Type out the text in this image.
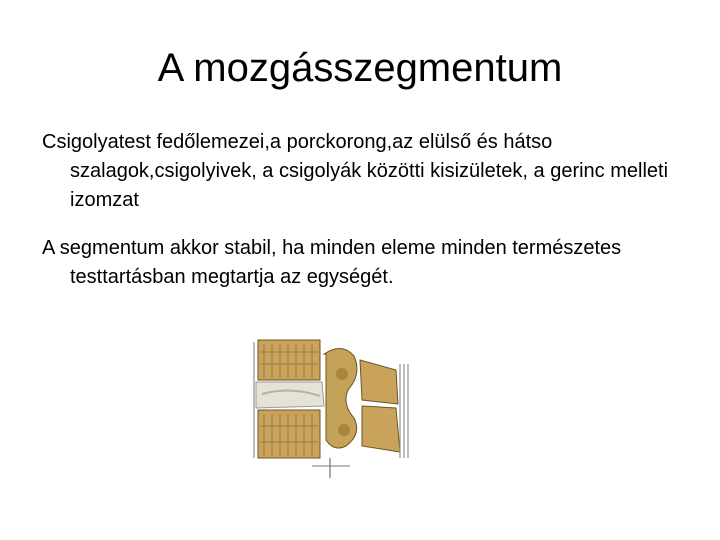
A mozgásszegmentum

Csigolyatest fedőlemezei,a porckorong,az elülső és hátso szalagok,csigolyivek, a csigolyák közötti kisizületek, a gerinc melleti izomzat

A segmentum akkor stabil, ha minden eleme minden természetes testtartásban megtartja az egységét.
